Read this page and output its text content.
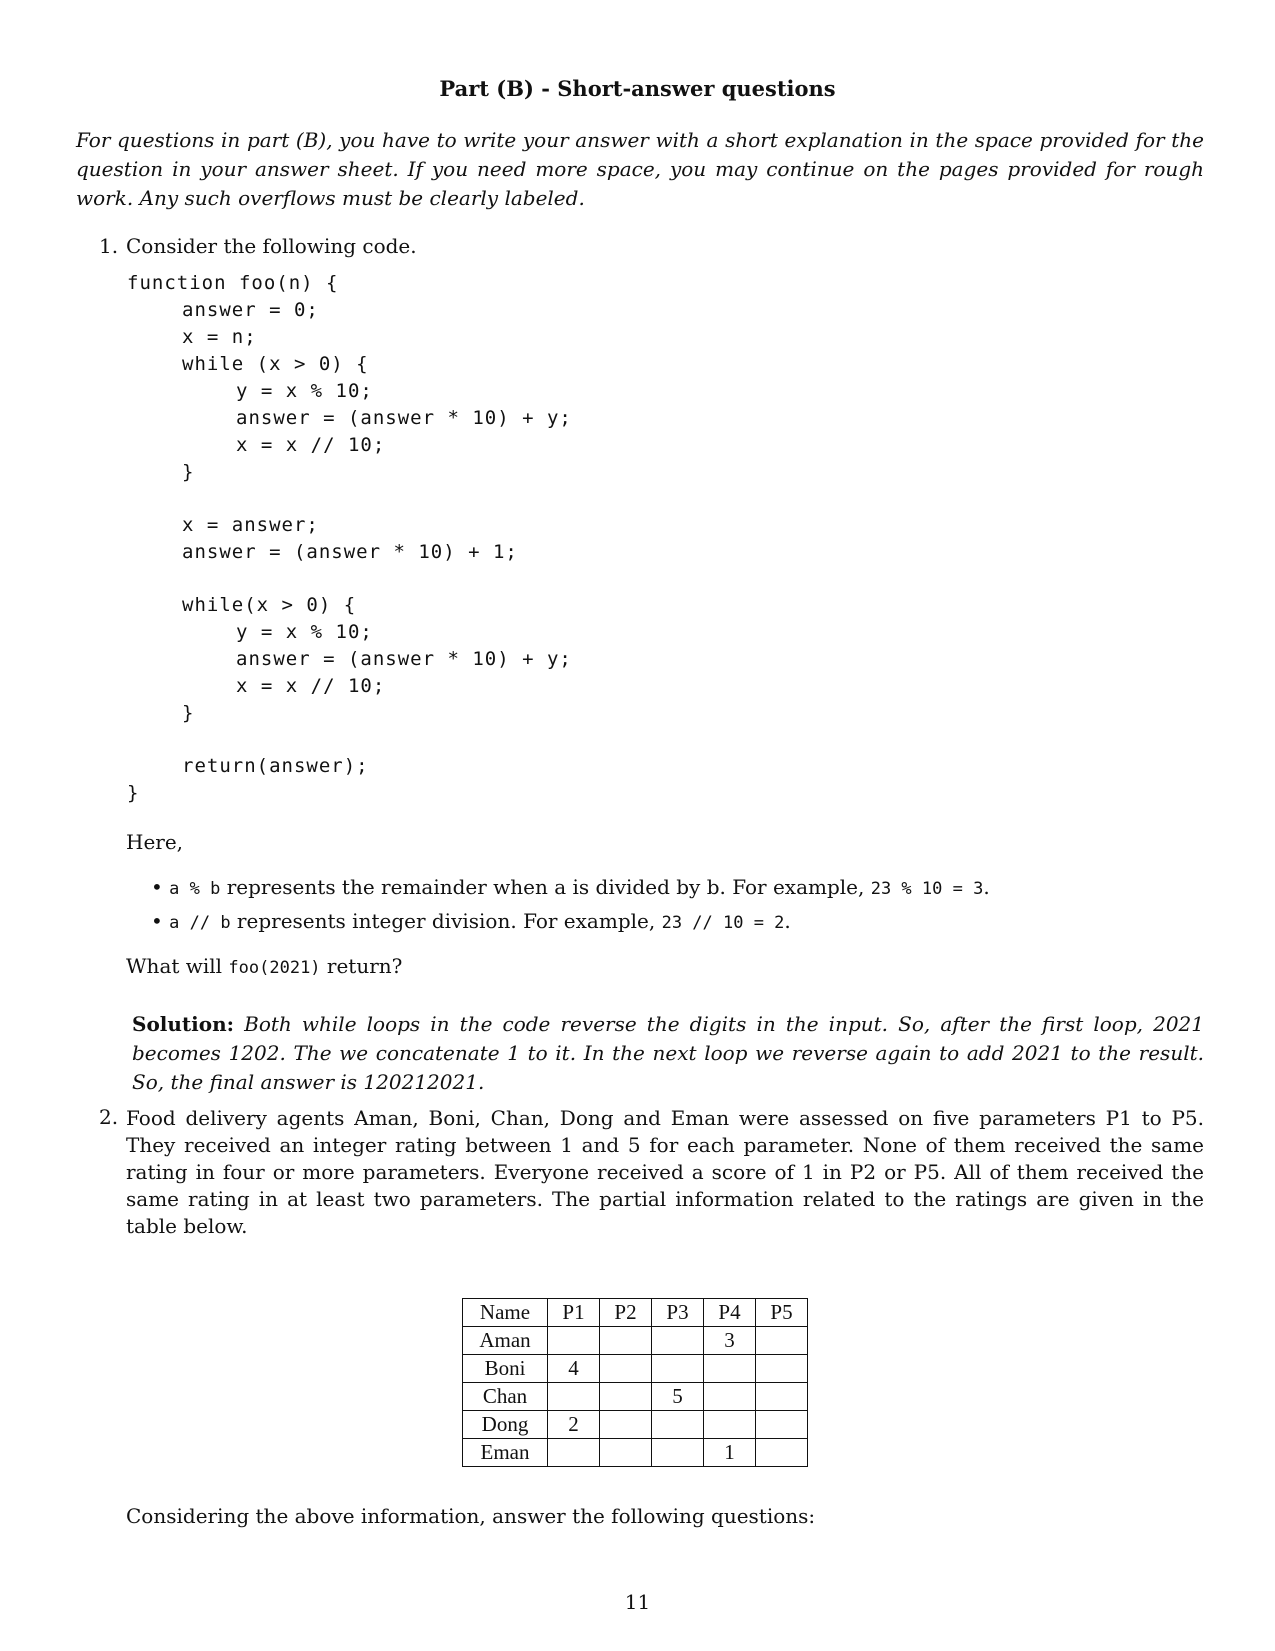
Part (B) - Short-answer questions
For questions in part (B), you have to write your answer with a short explanation in the space provided for the question in your answer sheet. If you need more space, you may continue on the pages provided for rough work. Any such overflows must be clearly labeled.
1. Consider the following code.
function foo(n) {
answer = 0;
x = n;
while (x > 0) {
y = x % 10;
answer = (answer * 10) + y;
x = x // 10;
}
x = answer;
answer = (answer * 10) + 1;
while(x > 0) {
y = x % 10;
answer = (answer * 10) + y;
x = x // 10;
}
return(answer);
}
Here,
• a % b represents the remainder when a is divided by b. For example, 23 % 10 = 3.
• a // b represents integer division. For example, 23 // 10 = 2.
What will foo(2021) return?
Solution: Both while loops in the code reverse the digits in the input. So, after the first loop, 2021 becomes 1202. The we concatenate 1 to it. In the next loop we reverse again to add 2021 to the result. So, the final answer is 120212021.
2. Food delivery agents Aman, Boni, Chan, Dong and Eman were assessed on five parameters P1 to P5. They received an integer rating between 1 and 5 for each parameter. None of them received the same rating in four or more parameters. Everyone received a score of 1 in P2 or P5. All of them received the same rating in at least two parameters. The partial information related to the ratings are given in the table below.
Name	P1	P2	P3	P4	P5
Aman				3	
Boni	4				
Chan			5		
Dong	2				
Eman				1	
Considering the above information, answer the following questions:
11
